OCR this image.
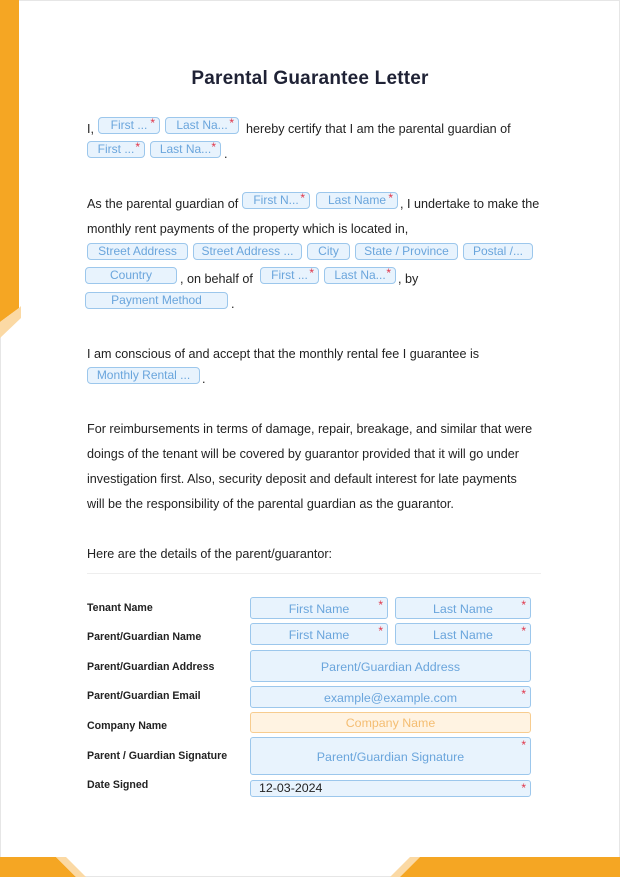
Parental Guarantee Letter
I,	First ... *	Last Na... * hereby certify that I am the parental guardian of
First ... *	Last Na... * .
As the parental guardian of	First N... *	Last Name * , I undertake to make the
monthly rent payments of the property which is located in,
Street Address	Street Address ...	City	State / Province	Postal /...
Country	, on behalf of	First ... *	Last Na... * , by
Payment Method	.
I am conscious of and accept that the monthly rental fee I guarantee is
Monthly Rental ... .
For reimbursements in terms of damage, repair, breakage, and similar that were
doings of the tenant will be covered by guarantor provided that it will go under
investigation first. Also, security deposit and default interest for late payments
will be the responsibility of the parental guardian as the guarantor.
Here are the details of the parent/guarantor:
Tenant Name	First Name *	Last Name *
Parent/Guardian Name	First Name *	Last Name *
Parent/Guardian Address	Parent/Guardian Address
Parent/Guardian Email	example@example.com	*
Company Name	Company Name
Parent / Guardian Signature	Parent/Guardian Signature
*
Date Signed	12-03-2024	*
